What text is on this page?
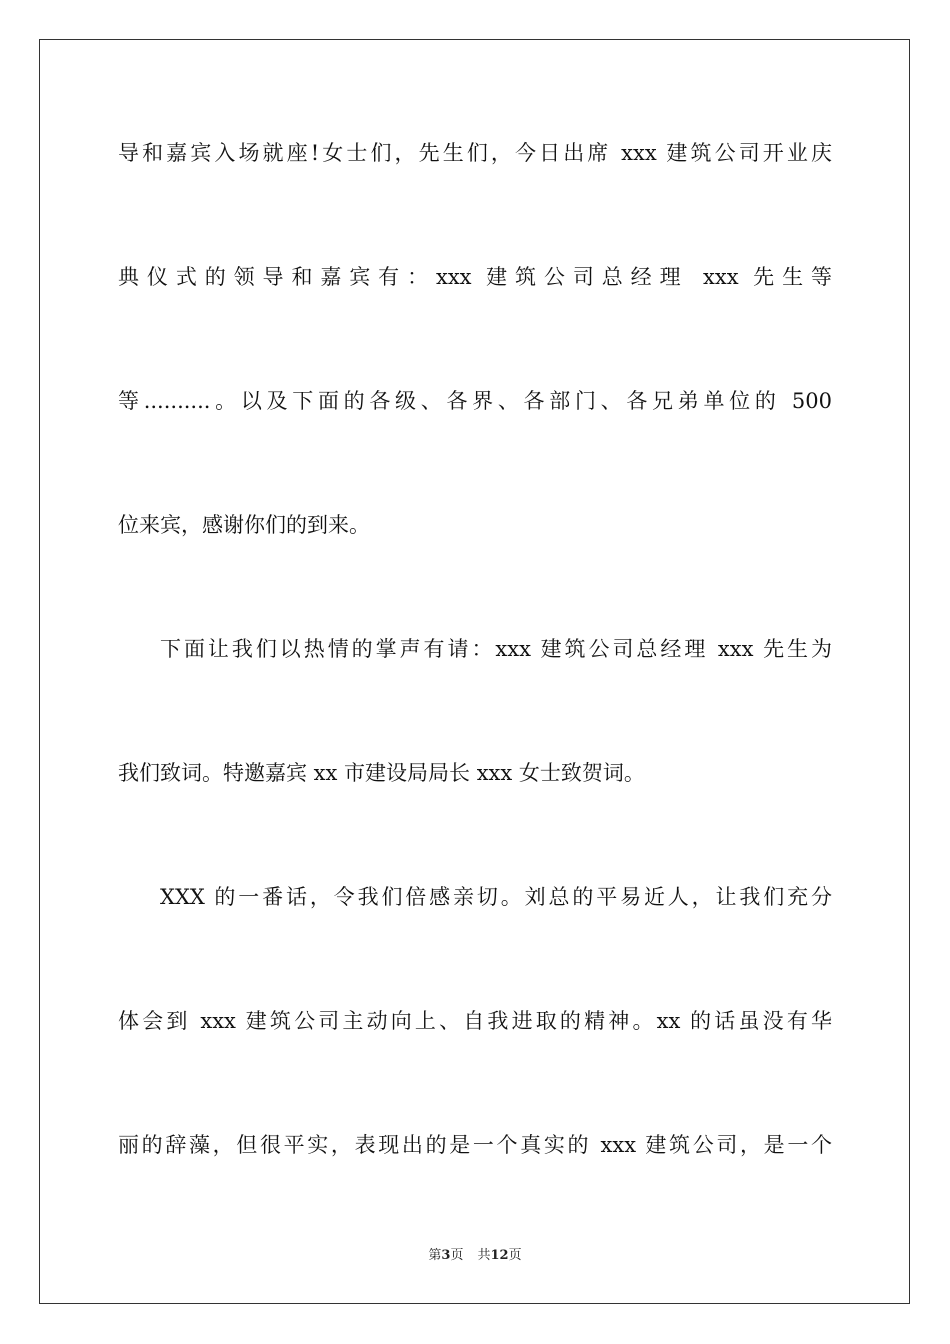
导和嘉宾入场就座!女士们，先生们，今日出席 xxx 建筑公司开业庆
典仪式的领导和嘉宾有：xxx 建筑公司总经理 xxx 先生等
等..........。以及下面的各级、各界、各部门、各兄弟单位的 500
位来宾，感谢你们的到来。
下面让我们以热情的掌声有请：xxx 建筑公司总经理 xxx 先生为
我们致词。特邀嘉宾 xx 市建设局局长 xxx 女士致贺词。
XXX 的一番话，令我们倍感亲切。刘总的平易近人，让我们充分
体会到 xxx 建筑公司主动向上、自我进取的精神。xx 的话虽没有华
丽的辞藻，但很平实，表现出的是一个真实的 xxx 建筑公司，是一个
第3页 共12页
